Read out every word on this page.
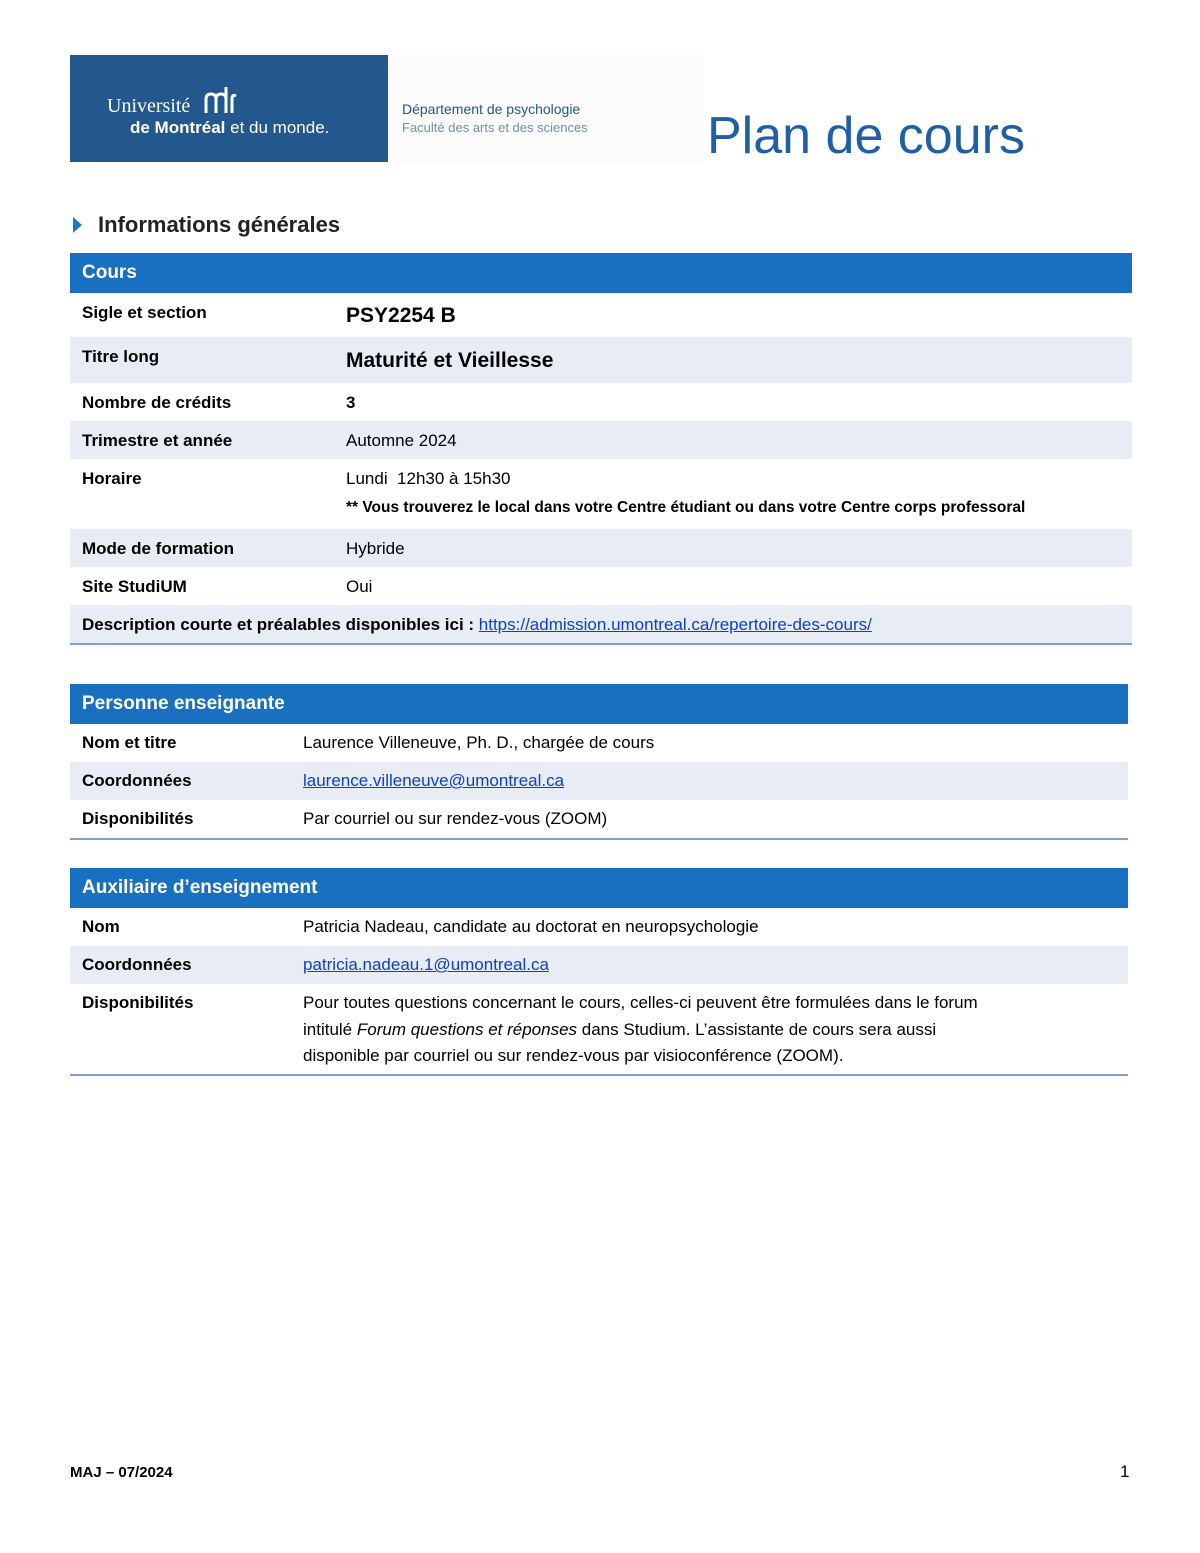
Université
de Montréal et du monde.
Département de psychologie
Faculté des arts et des sciences Plan de cours
Informations générales
Cours
Sigle et section	PSY2254 B
Titre long	Maturité et Vieillesse
Nombre de crédits	3
Trimestre et année	Automne 2024
Horaire	Lundi  12h30 à 15h30
** Vous trouverez le local dans votre Centre étudiant ou dans votre Centre corps professoral
Mode de formation	Hybride
Site StudiUM	Oui
Description courte et préalables disponibles ici : https://admission.umontreal.ca/repertoire-des-cours/
Personne enseignante
Nom et titre	Laurence Villeneuve, Ph. D., chargée de cours
Coordonnées	laurence.villeneuve@umontreal.ca
Disponibilités	Par courriel ou sur rendez-vous (ZOOM)
Auxiliaire d’enseignement
Nom	Patricia Nadeau, candidate au doctorat en neuropsychologie
Coordonnées	patricia.nadeau.1@umontreal.ca
Disponibilités	Pour toutes questions concernant le cours, celles-ci peuvent être formulées dans le forum
intitulé Forum questions et réponses dans Studium. L’assistante de cours sera aussi
disponible par courriel ou sur rendez-vous par visioconférence (ZOOM).
MAJ – 07/2024	1
